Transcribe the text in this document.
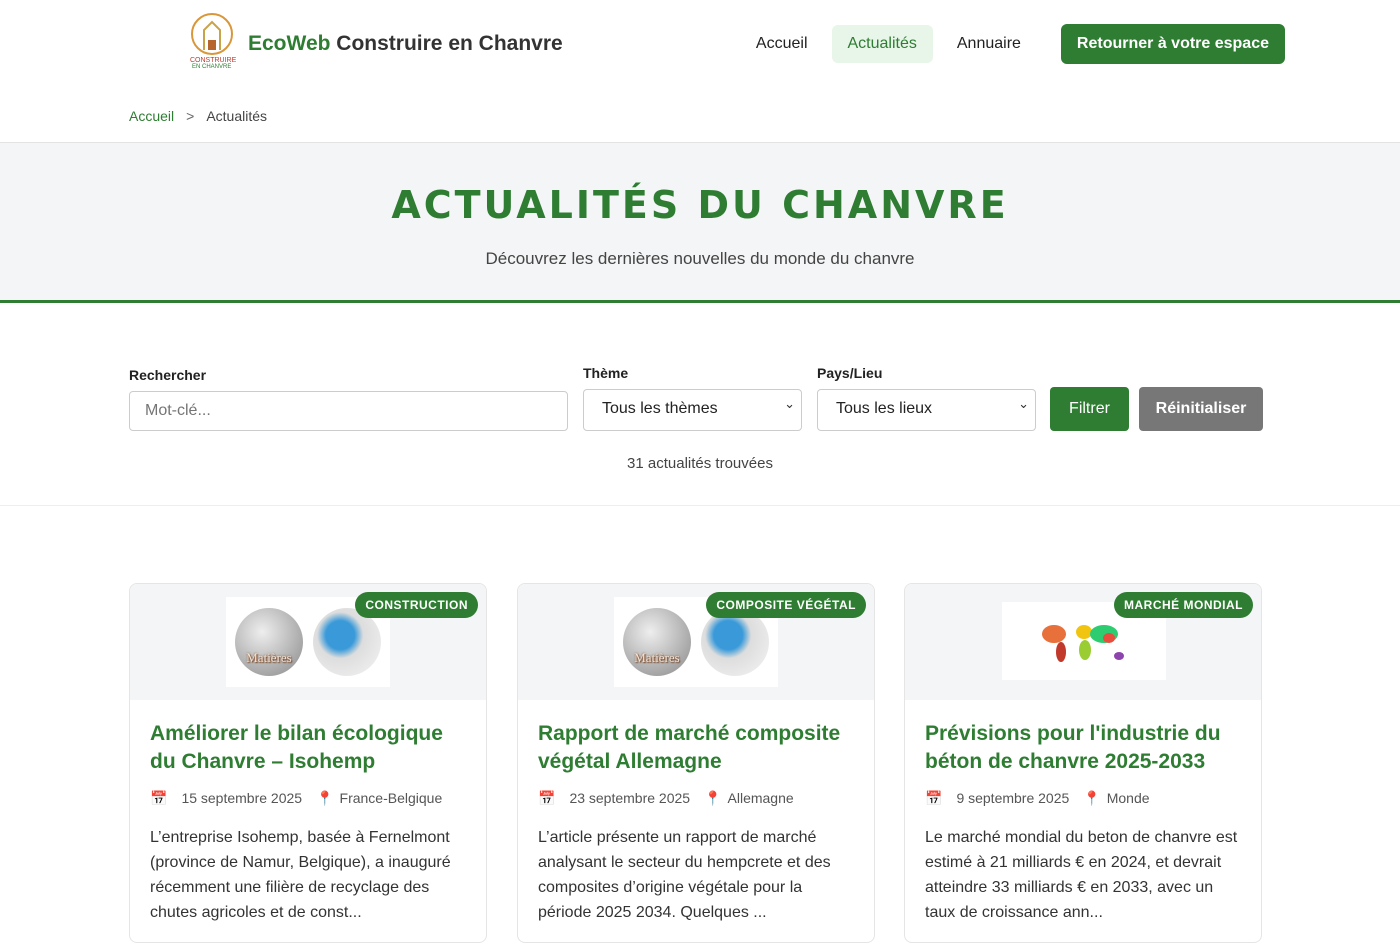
CONSTRUIRE
EN CHANVRE
EcoWeb Construire en Chanvre	Accueil	Actualités	Annuaire	Retourner à votre espace
Accueil > Actualités
ACTUALITÉS DU CHANVRE

Découvrez les dernières nouvelles du monde du chanvre

Rechercher
Mot-clé...	Thème
Tous les thèmes ⌄
Pays/Lieu
Tous les lieux ⌄	Filtrer	Réinitialiser
31 actualités trouvées
Matières
CONSTRUCTION
Améliorer le bilan écologique du Chanvre – Isohemp
📅 15 septembre 2025 📍 France-Belgique

L’entreprise Isohemp, basée à Fernelmont (province de Namur, Belgique), a inauguré récemment une filière de recyclage des chutes agricoles et de const...

Matières
COMPOSITE VÉGÉTAL
Rapport de marché composite végétal Allemagne
📅 23 septembre 2025 📍 Allemagne

L’article présente un rapport de marché analysant le secteur du hempcrete et des composites d’origine végétale pour la période 2025 2034. Quelques ...

MARCHÉ MONDIAL
Prévisions pour l'industrie du béton de chanvre 2025-2033
📅 9 septembre 2025 📍 Monde

Le marché mondial du beton de chanvre est estimé à 21 milliards € en 2024, et devrait atteindre 33 milliards € en 2033, avec un taux de croissance ann...
